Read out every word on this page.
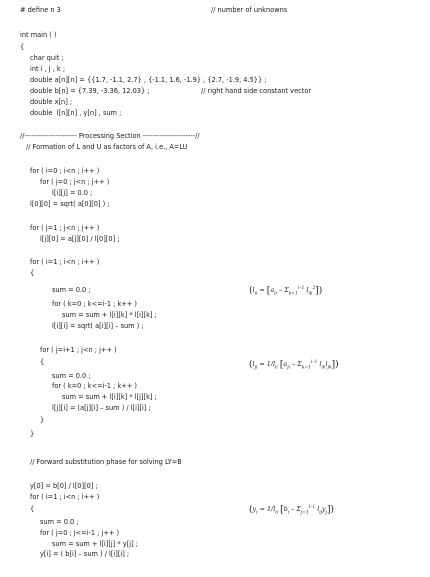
# define n 3	// number of unknowns
int main ( )
{
char quit ;
int i , j , k ;
double a[n][n] = {{1.7, -1.1, 2.7} , {-1.1, 1.6, -1.9} , {2.7, -1.9, 4.5}} ;
double b[n] = {7.39, -3.36, 12.03} ;	// right hand side constant vector
double x[n] ;
double  l[n][n] , y[n] , sum ;
//---------------------- Processing Section ----------------------//
// Formation of L and U as factors of A, i.e., A=LU
for ( i=0 ; i<n ; i++ )
for ( j=0 ; j<n ; j++ )
l[i][j] = 0.0 ;
l[0][0] = sqrt( a[0][0] ) ;
for ( j=1 ; j<n ; j++ )
l[j][0] = a[j][0] / l[0][0] ;
for ( i=1 ; i<n ; i++ )
{
sum = 0.0 ;
for ( k=0 ; k<=i-1 ; k++ )
sum = sum + l[i][k] * l[i][k] ;
l[i][i] = sqrt( a[i][i] – sum ) ;
for ( j=i+1 ; j<n ; j++ )
{
sum = 0.0 ;
for ( k=0 ; k<=i-1 ; k++ )
sum = sum + l[i][k] * l[j][k] ;
l[j][i] = (a[j][i] – sum ) / l[i][i] ;
}
}
// Forward substitution phase for solving LY=B
y[0] = b[0] / l[0][0] ;
for ( i=1 ; i<n ; i++ )
{
sum = 0.0 ;
for ( j=0 ; j<=i-1 ; j++ )
sum = sum + l[i][j] * y[j] ;
y[i] = ( b[i] – sum ) / l[i][i] ;
($l_{ii} = [a_{ii} - \Sigma_{k=1}^{i-1}$ $l_{ik}^2$])
($l_{ji} = 1/l_{ii}$ [$a_{ji} - \Sigma_{k=1}^{i-1}$ $l_{ik}l_{jk}$])
($y_i = 1/l_{ii}$ [$b_i - \Sigma_{j=1}^{i-1}$ $l_{ij}y_j$])
